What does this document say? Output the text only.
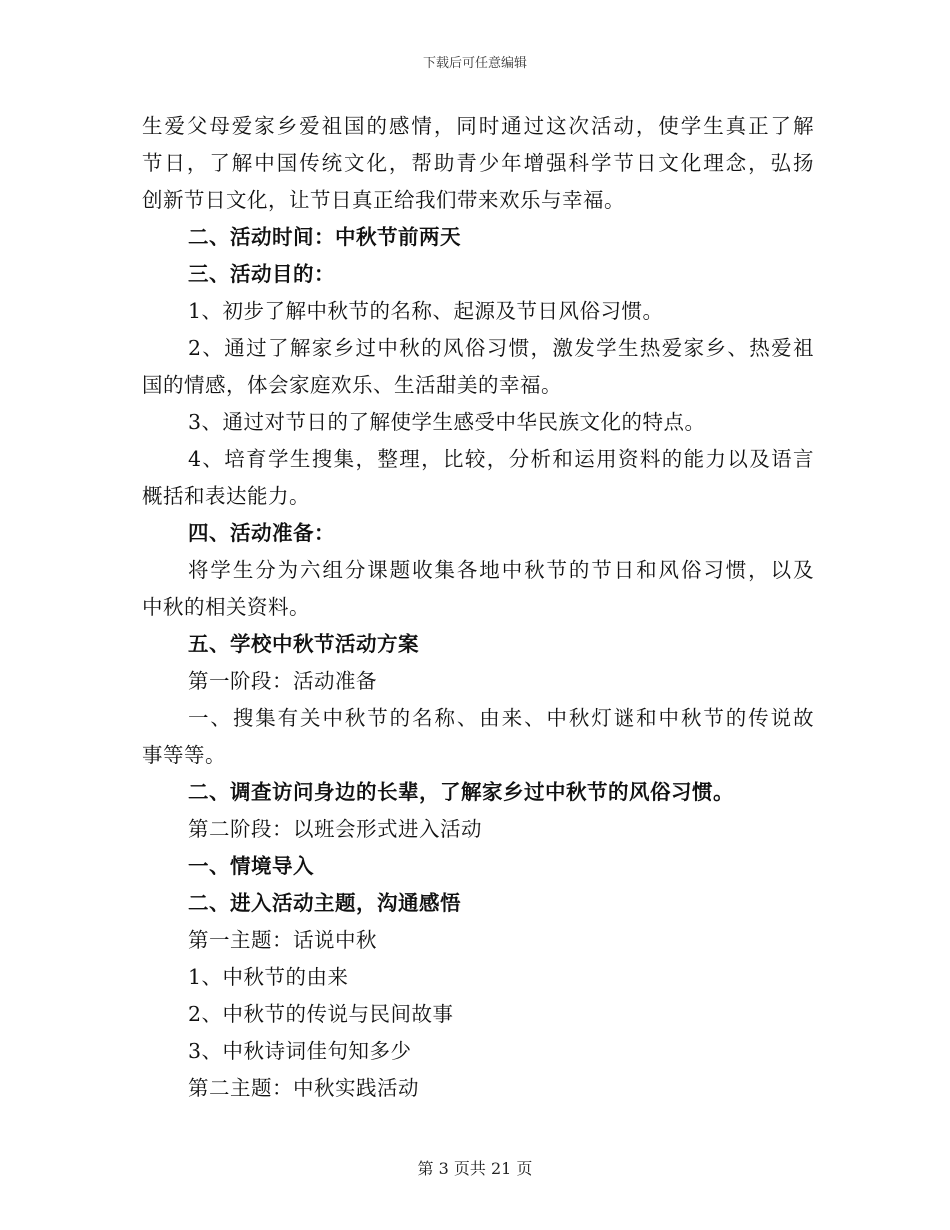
下载后可任意编辑
生爱父母爱家乡爱祖国的感情，同时通过这次活动，使学生真正了解
节日，了解中国传统文化，帮助青少年增强科学节日文化理念，弘扬
创新节日文化，让节日真正给我们带来欢乐与幸福。
二、活动时间：中秋节前两天
三、活动目的：
1、初步了解中秋节的名称、起源及节日风俗习惯。
2、通过了解家乡过中秋的风俗习惯，激发学生热爱家乡、热爱祖
国的情感，体会家庭欢乐、生活甜美的幸福。
3、通过对节日的了解使学生感受中华民族文化的特点。
4、培育学生搜集，整理，比较，分析和运用资料的能力以及语言
概括和表达能力。
四、活动准备：
将学生分为六组分课题收集各地中秋节的节日和风俗习惯，以及
中秋的相关资料。
五、学校中秋节活动方案
第一阶段：活动准备
一、搜集有关中秋节的名称、由来、中秋灯谜和中秋节的传说故
事等等。
二、调查访问身边的长辈，了解家乡过中秋节的风俗习惯。
第二阶段：以班会形式进入活动
一、情境导入
二、进入活动主题，沟通感悟
第一主题：话说中秋
1、中秋节的由来
2、中秋节的传说与民间故事
3、中秋诗词佳句知多少
第二主题：中秋实践活动
第 3 页共 21 页
